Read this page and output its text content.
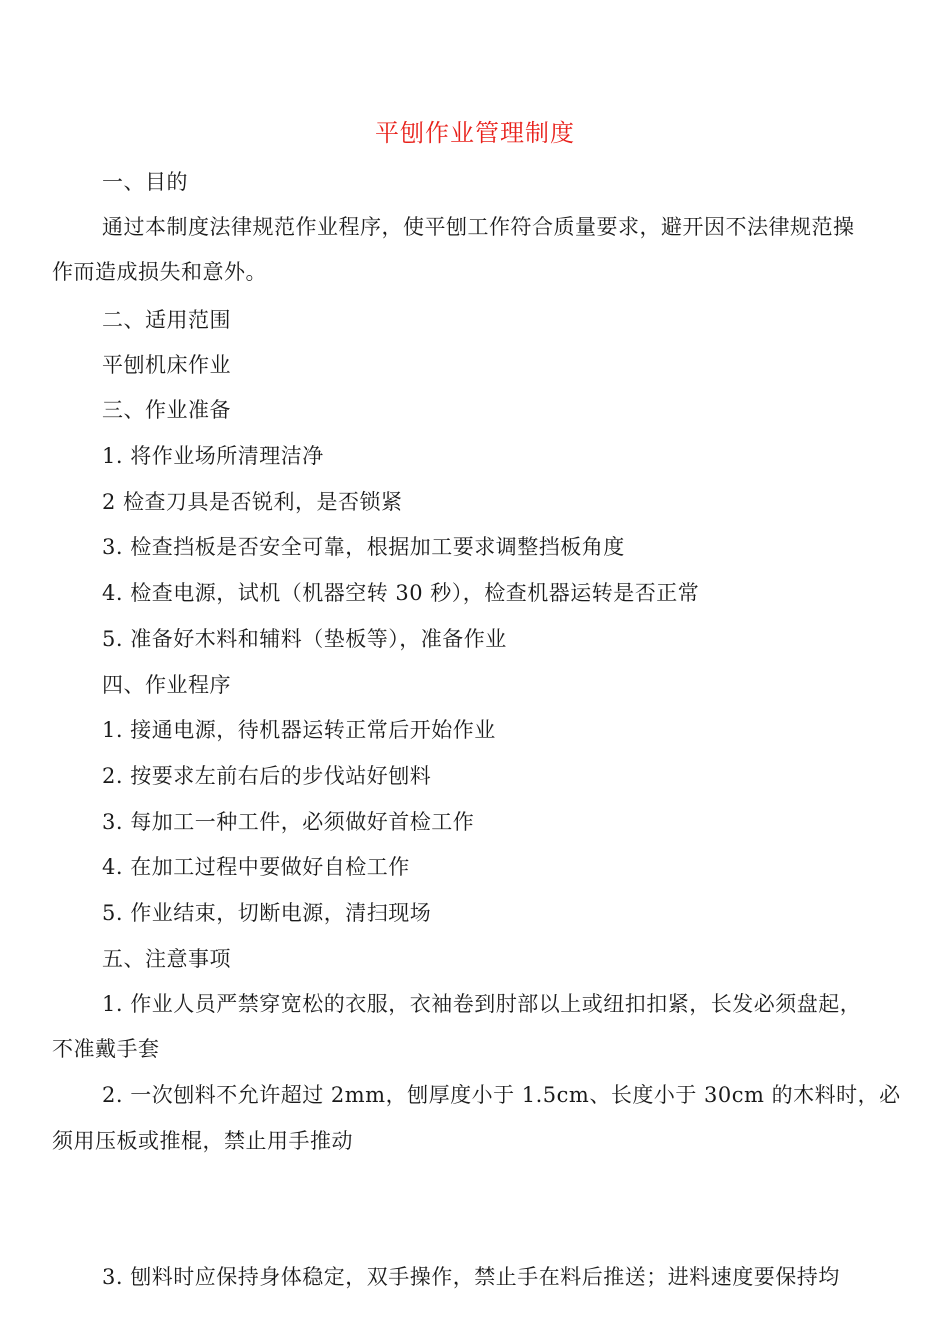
平刨作业管理制度
一、目的
通过本制度法律规范作业程序，使平刨工作符合质量要求，避开因不法律规范操
作而造成损失和意外。
二、适用范围
平刨机床作业
三、作业准备
1. 将作业场所清理洁净
2 检查刀具是否锐利，是否锁紧
3. 检查挡板是否安全可靠，根据加工要求调整挡板角度
4. 检查电源，试机（机器空转 30 秒），检查机器运转是否正常
5. 准备好木料和辅料（垫板等），准备作业
四、作业程序
1. 接通电源，待机器运转正常后开始作业
2. 按要求左前右后的步伐站好刨料
3. 每加工一种工件，必须做好首检工作
4. 在加工过程中要做好自检工作
5. 作业结束，切断电源，清扫现场
五、注意事项
1. 作业人员严禁穿宽松的衣服，衣袖卷到肘部以上或纽扣扣紧，长发必须盘起，
不准戴手套
2. 一次刨料不允许超过 2mm，刨厚度小于 1.5cm、长度小于 30cm 的木料时，必
须用压板或推棍，禁止用手推动
3. 刨料时应保持身体稳定，双手操作，禁止手在料后推送；进料速度要保持均
